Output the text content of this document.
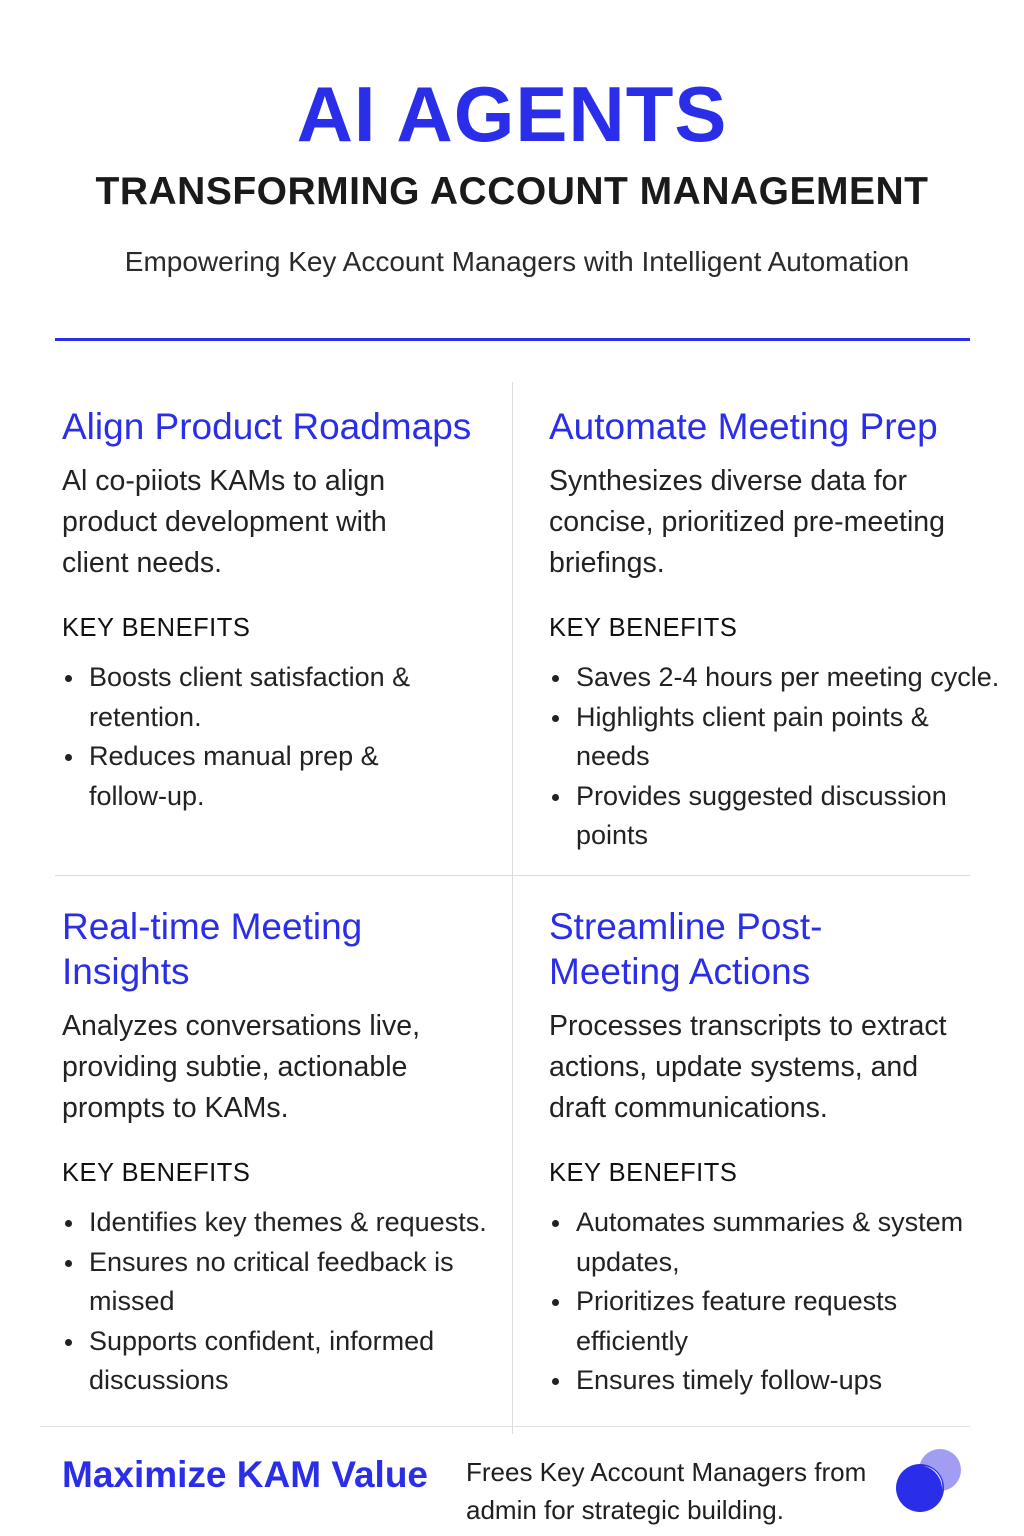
AI AGENTS
TRANSFORMING ACCOUNT MANAGEMENT
Empowering Key Account Managers with Intelligent Automation
Align Product Roadmaps

Al co-piiots KAMs to align product development with client needs.

KEY BENEFITS

Boosts client satisfaction & retention.
Reduces manual prep & follow-up.
Automate Meeting Prep

Synthesizes diverse data for concise, prioritized pre-meeting briefings.

KEY BENEFITS

Saves 2-4 hours per meeting cycle.
Highlights client pain points & needs
Provides suggested discussion points
Real-time Meeting Insights

Analyzes conversations live, providing subtie, actionable prompts to KAMs.

KEY BENEFITS

Identifies key themes & requests.
Ensures no critical feedback is missed
Supports confident, informed discussions
Streamline Post-Meeting Actions

Processes transcripts to extract actions, update systems, and draft communications.

KEY BENEFITS

Automates summaries & system updates,
Prioritizes feature requests efficiently
Ensures timely follow-ups
Maximize KAM Value Frees Key Account Managers from admin for strategic building.
